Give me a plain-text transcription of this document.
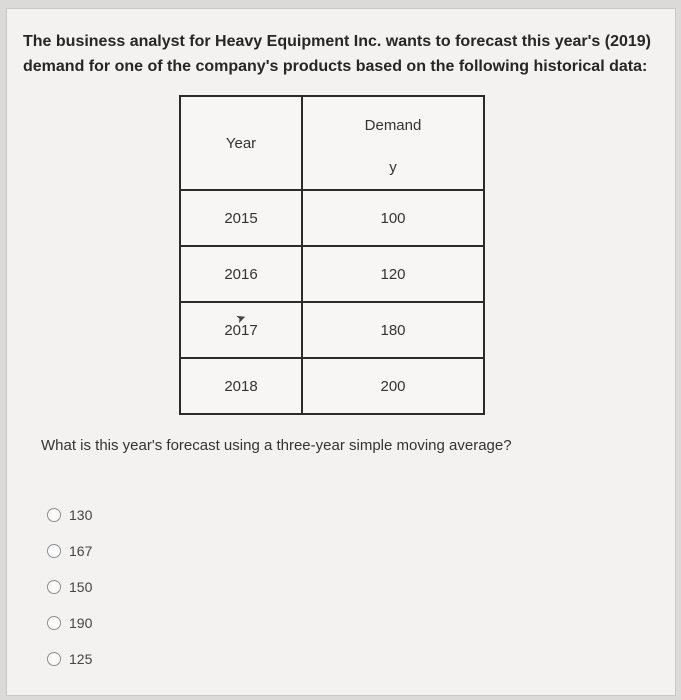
The business analyst for Heavy Equipment Inc. wants to forecast this year's (2019) demand for one of the company's products based on the following historical data:
Year	Demand
y

2015	100
2016	120
2017	180
2018	200
➤
What is this year's forecast using a three-year simple moving average?
130
167
150
190
125
